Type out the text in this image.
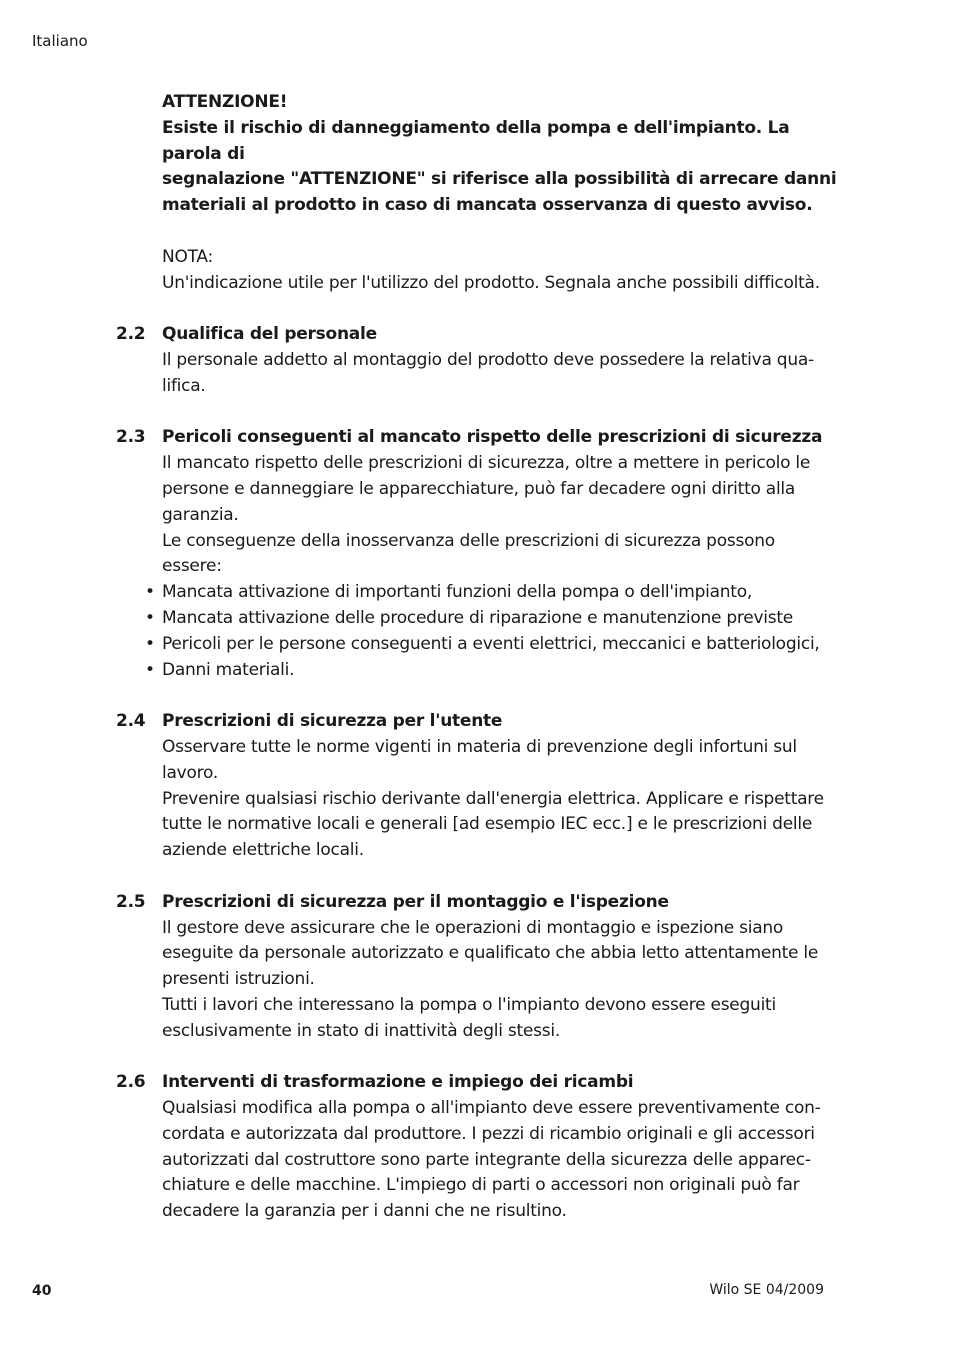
Italiano

ATTENZIONE!

Esiste il rischio di danneggiamento della pompa e dell'impianto. La parola di

segnalazione "ATTENZIONE" si riferisce alla possibilità di arrecare danni

materiali al prodotto in caso di mancata osservanza di questo avviso.

NOTA:

Un'indicazione utile per l'utilizzo del prodotto. Segnala anche possibili difficoltà.

2.2 Qualifica del personale

Il personale addetto al montaggio del prodotto deve possedere la relativa qua-

lifica.

2.3 Pericoli conseguenti al mancato rispetto delle prescrizioni di sicurezza

Il mancato rispetto delle prescrizioni di sicurezza, oltre a mettere in pericolo le

persone e danneggiare le apparecchiature, può far decadere ogni diritto alla

garanzia.

Le conseguenze della inosservanza delle prescrizioni di sicurezza possono

essere:

• Mancata attivazione di importanti funzioni della pompa o dell'impianto,
• Mancata attivazione delle procedure di riparazione e manutenzione previste
• Pericoli per le persone conseguenti a eventi elettrici, meccanici e batteriologici,
• Danni materiali.
2.4 Prescrizioni di sicurezza per l'utente

Osservare tutte le norme vigenti in materia di prevenzione degli infortuni sul

lavoro.

Prevenire qualsiasi rischio derivante dall'energia elettrica. Applicare e rispettare

tutte le normative locali e generali [ad esempio IEC ecc.] e le prescrizioni delle

aziende elettriche locali.

2.5 Prescrizioni di sicurezza per il montaggio e l'ispezione

Il gestore deve assicurare che le operazioni di montaggio e ispezione siano

eseguite da personale autorizzato e qualificato che abbia letto attentamente le

presenti istruzioni.

Tutti i lavori che interessano la pompa o l'impianto devono essere eseguiti

esclusivamente in stato di inattività degli stessi.

2.6 Interventi di trasformazione e impiego dei ricambi

Qualsiasi modifica alla pompa o all'impianto deve essere preventivamente con-

cordata e autorizzata dal produttore. I pezzi di ricambio originali e gli accessori

autorizzati dal costruttore sono parte integrante della sicurezza delle apparec-

chiature e delle macchine. L'impiego di parti o accessori non originali può far

decadere la garanzia per i danni che ne risultino.

40	Wilo SE 04/2009
